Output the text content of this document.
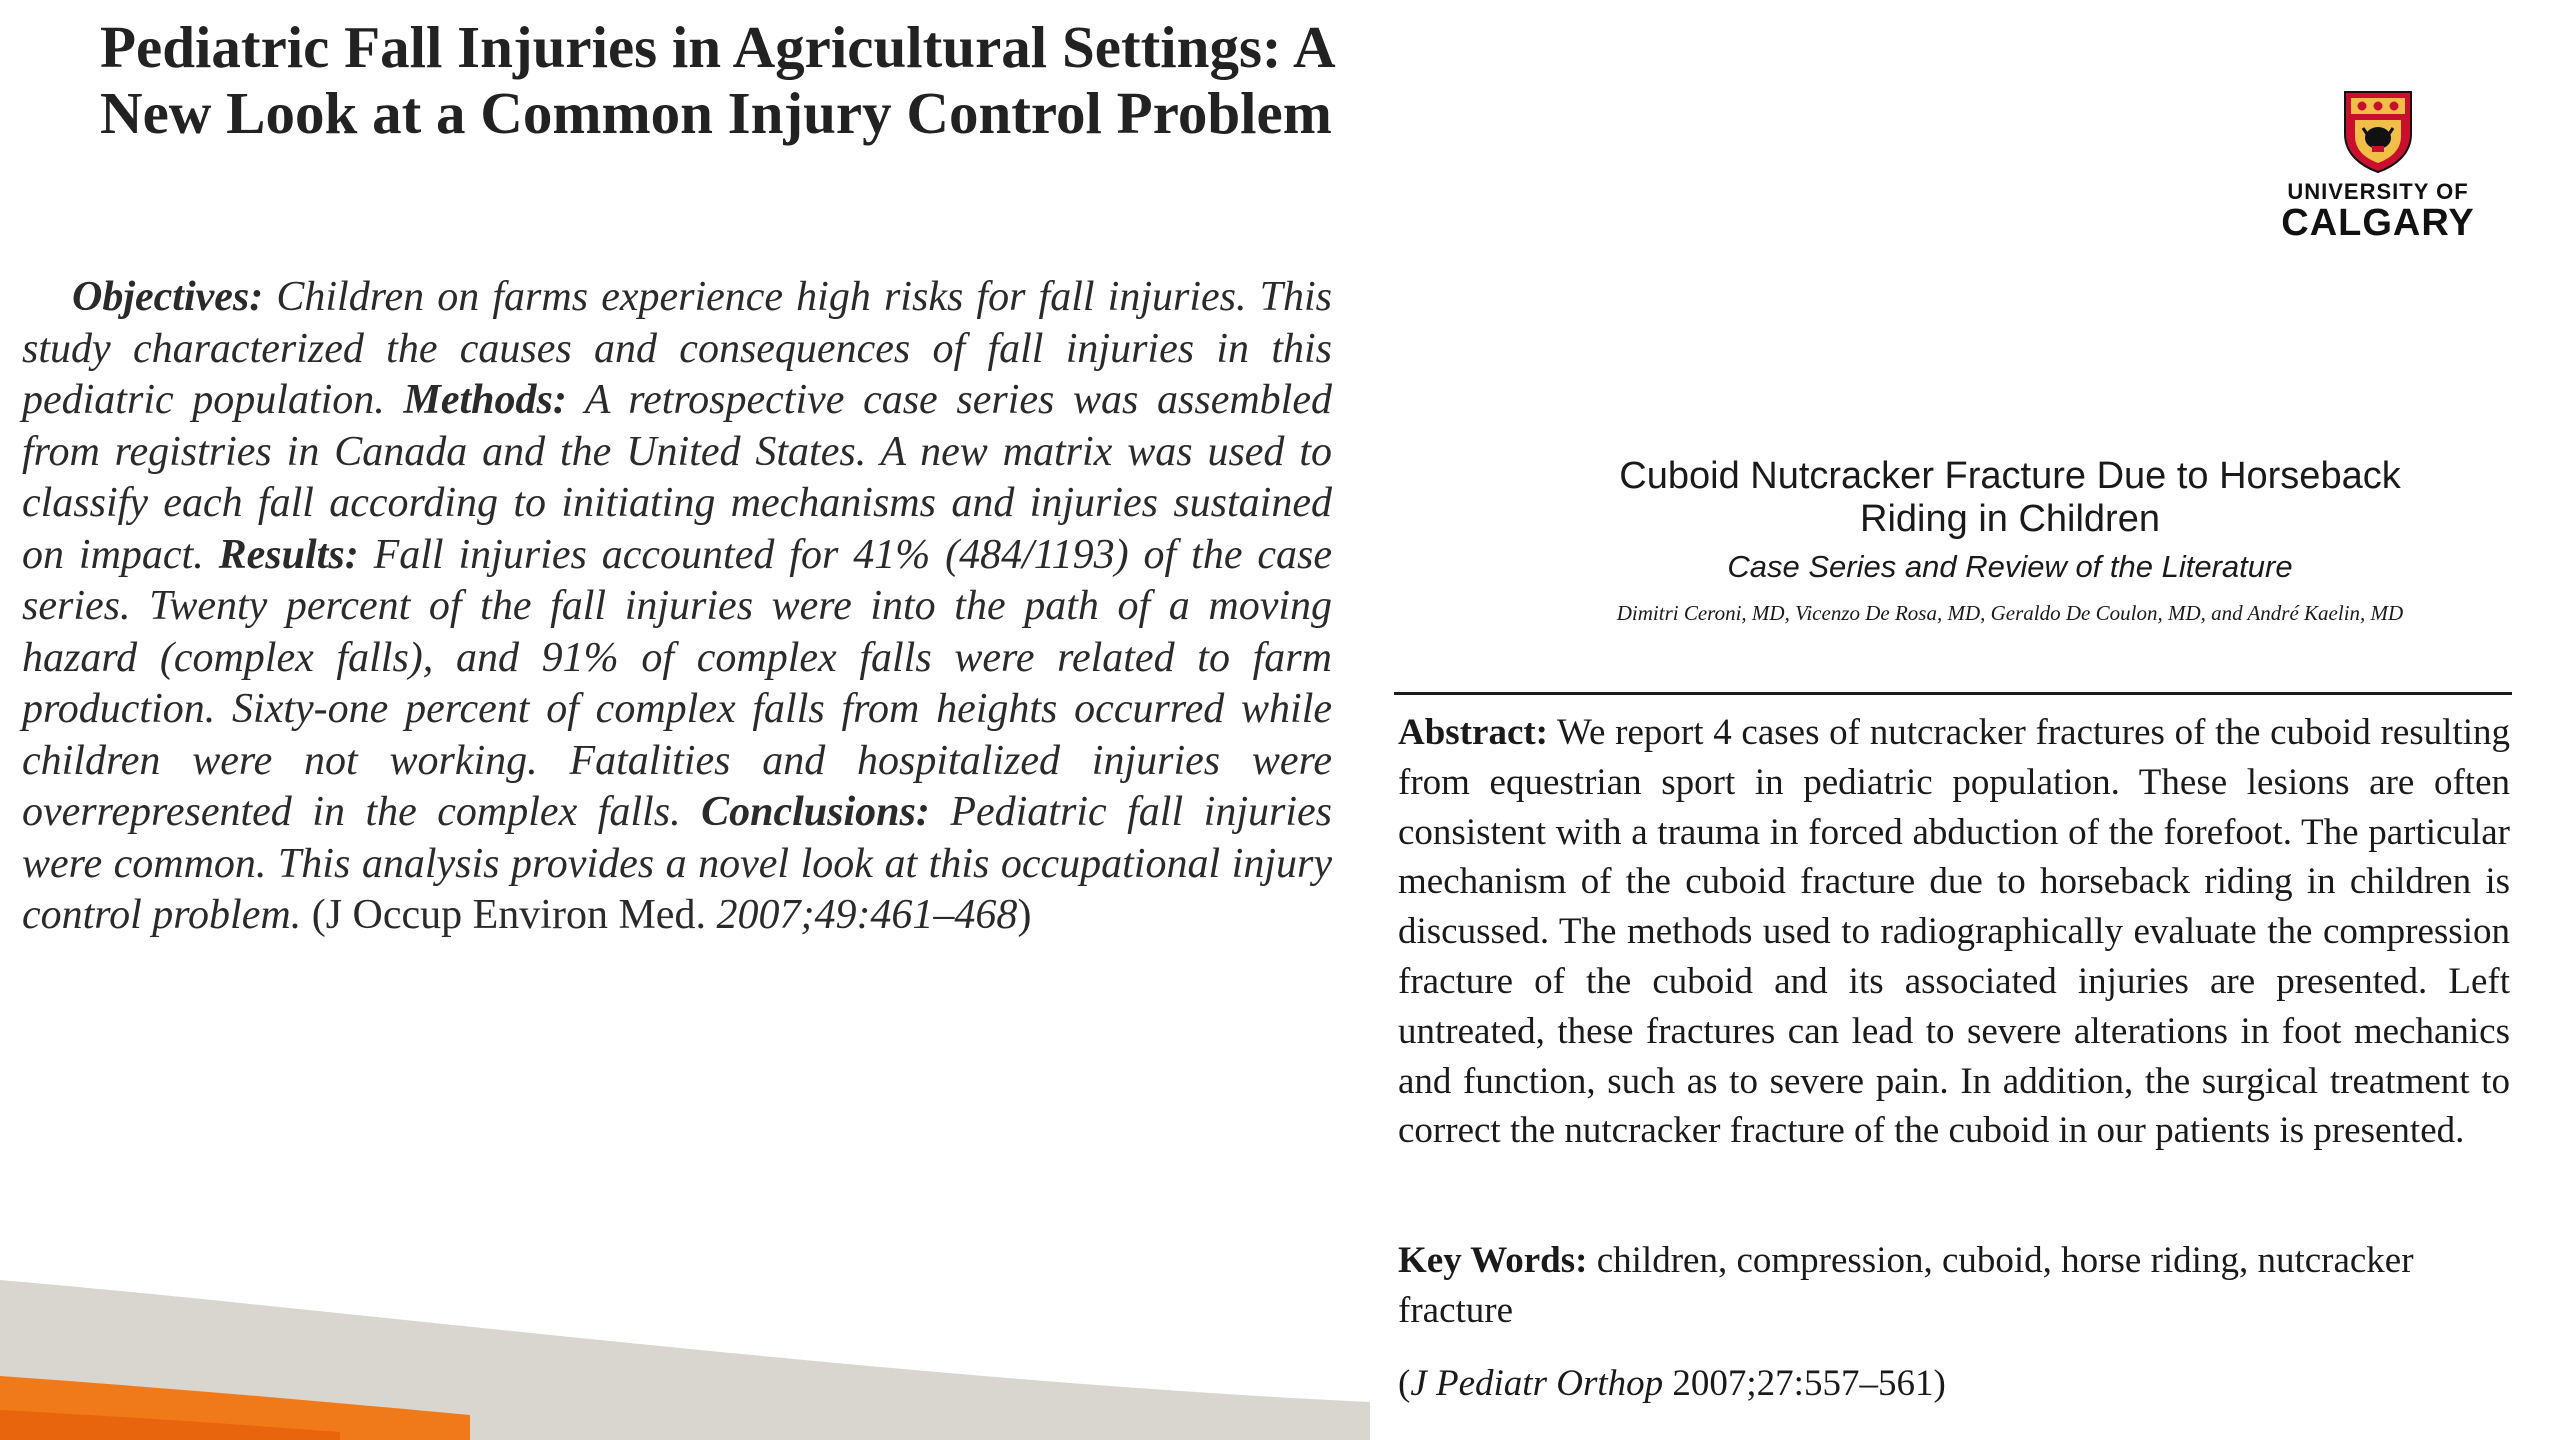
Pediatric Fall Injuries in Agricultural Settings: A New Look at a Common Injury Control Problem

Objectives: Children on farms experience high risks for fall injuries. This study characterized the causes and consequences of fall injuries in this pediatric population. Methods: A retrospective case series was assembled from registries in Canada and the United States. A new matrix was used to classify each fall according to initiating mechanisms and injuries sustained on impact. Results: Fall injuries accounted for 41% (484/1193) of the case series. Twenty percent of the fall injuries were into the path of a moving hazard (complex falls), and 91% of complex falls were related to farm production. Sixty-one percent of complex falls from heights occurred while children were not working. Fatalities and hospitalized injuries were overrepresented in the complex falls. Conclusions: Pediatric fall injuries were common. This analysis provides a novel look at this occupational injury control problem. (J Occup Environ Med. 2007;49:461–468)

UNIVERSITY OF
CALGARY
Cuboid Nutcracker Fracture Due to Horseback
Riding in Children
Case Series and Review of the Literature
Dimitri Ceroni, MD, Vicenzo De Rosa, MD, Geraldo De Coulon, MD, and André Kaelin, MD

Abstract: We report 4 cases of nutcracker fractures of the cuboid resulting from equestrian sport in pediatric population. These lesions are often consistent with a trauma in forced abduction of the forefoot. The particular mechanism of the cuboid fracture due to horseback riding in children is discussed. The methods used to radiographically evaluate the compression fracture of the cuboid and its associated injuries are presented. Left untreated, these fractures can lead to severe alterations in foot mechanics and function, such as to severe pain. In addition, the surgical treatment to correct the nutcracker fracture of the cuboid in our patients is presented.

Key Words: children, compression, cuboid, horse riding, nutcracker fracture

(J Pediatr Orthop 2007;27:557–561)
